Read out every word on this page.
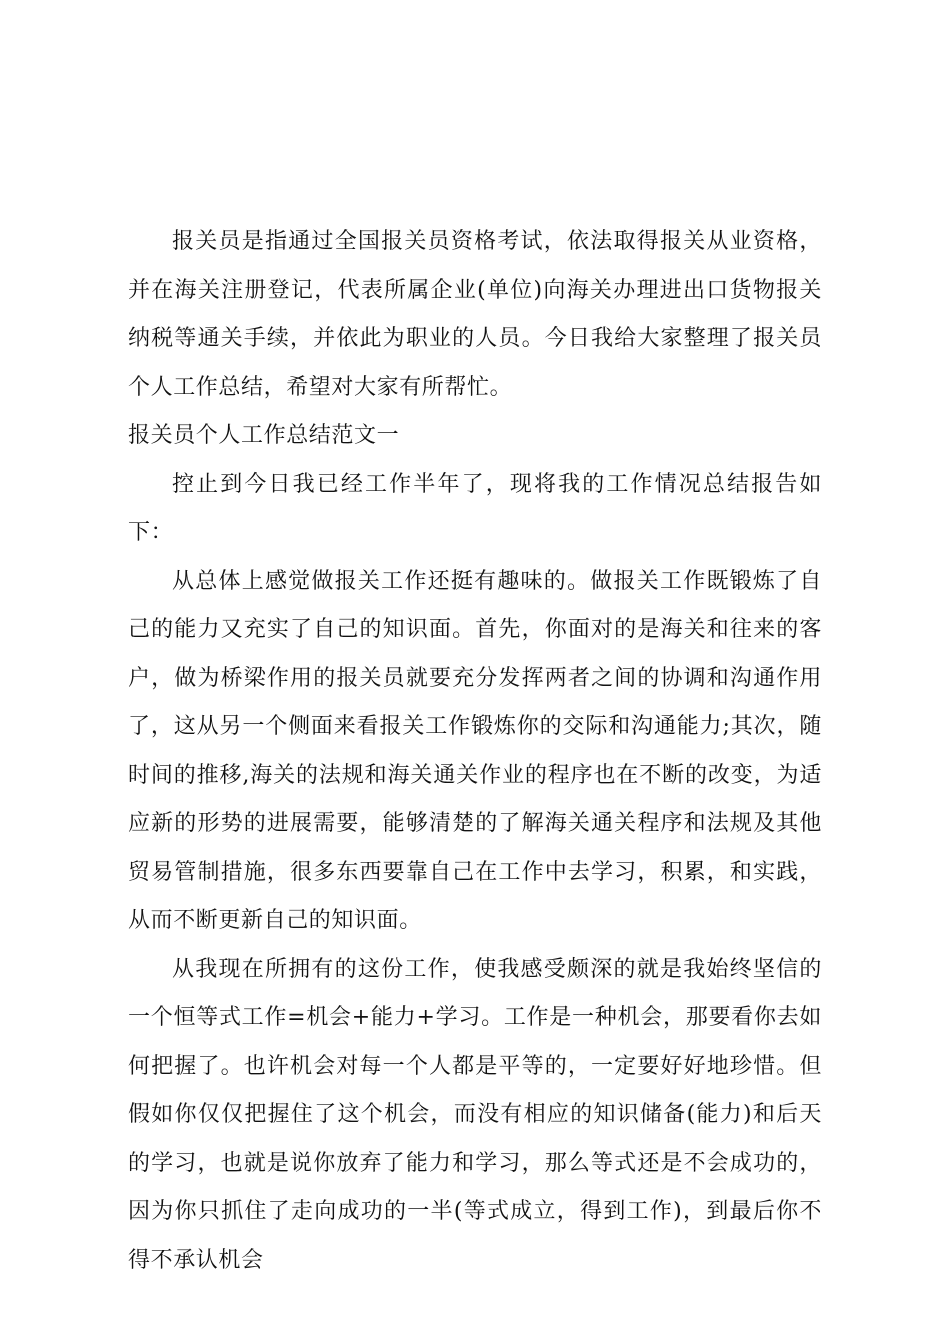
报关员是指通过全国报关员资格考试，依法取得报关从业资格，并在海关注册登记，代表所属企业(单位)向海关办理进出口货物报关纳税等通关手续，并依此为职业的人员。今日我给大家整理了报关员个人工作总结，希望对大家有所帮忙。

报关员个人工作总结范文一

控止到今日我已经工作半年了，现将我的工作情况总结报告如下：

从总体上感觉做报关工作还挺有趣味的。做报关工作既锻炼了自己的能力又充实了自己的知识面。首先，你面对的是海关和往来的客户，做为桥梁作用的报关员就要充分发挥两者之间的协调和沟通作用了，这从另一个侧面来看报关工作锻炼你的交际和沟通能力;其次，随时间的推移,海关的法规和海关通关作业的程序也在不断的改变，为适应新的形势的进展需要，能够清楚的了解海关通关程序和法规及其他贸易管制措施，很多东西要靠自己在工作中去学习，积累，和实践，从而不断更新自己的知识面。

从我现在所拥有的这份工作，使我感受颇深的就是我始终坚信的一个恒等式工作=机会+能力+学习。工作是一种机会，那要看你去如何把握了。也许机会对每一个人都是平等的，一定要好好地珍惜。但假如你仅仅把握住了这个机会，而没有相应的知识储备(能力)和后天的学习，也就是说你放弃了能力和学习，那么等式还是不会成功的，因为你只抓住了走向成功的一半(等式成立，得到工作)，到最后你不得不承认机会
